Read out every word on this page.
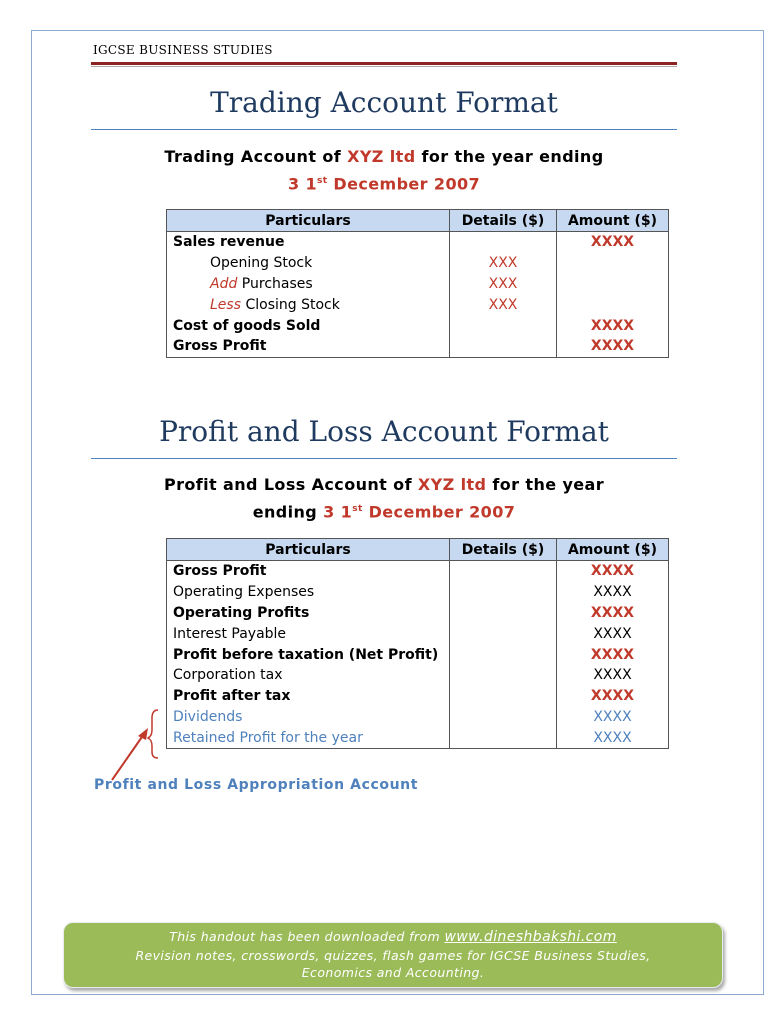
IGCSE BUSINESS STUDIES
Trading Account Format
Trading Account of XYZ ltd for the year ending
3 1st December 2007
Particulars	Details ($)	Amount ($)
Sales revenue		XXXX
Opening Stock	XXX	
Add Purchases	XXX	
Less Closing Stock	XXX	
Cost of goods Sold		XXXX
Gross Profit		XXXX
Profit and Loss Account Format
Profit and Loss Account of XYZ ltd for the year
ending 3 1st December 2007
Particulars	Details ($)	Amount ($)
Gross Profit		XXXX
Operating Expenses		XXXX
Operating Profits		XXXX
Interest Payable		XXXX
Profit before taxation (Net Profit)		XXXX
Corporation tax		XXXX
Profit after tax		XXXX
Dividends		XXXX
Retained Profit for the year		XXXX
Profit and Loss Appropriation Account
This handout has been downloaded from www.dineshbakshi.com
Revision notes, crosswords, quizzes, flash games for IGCSE Business Studies,
Economics and Accounting.
